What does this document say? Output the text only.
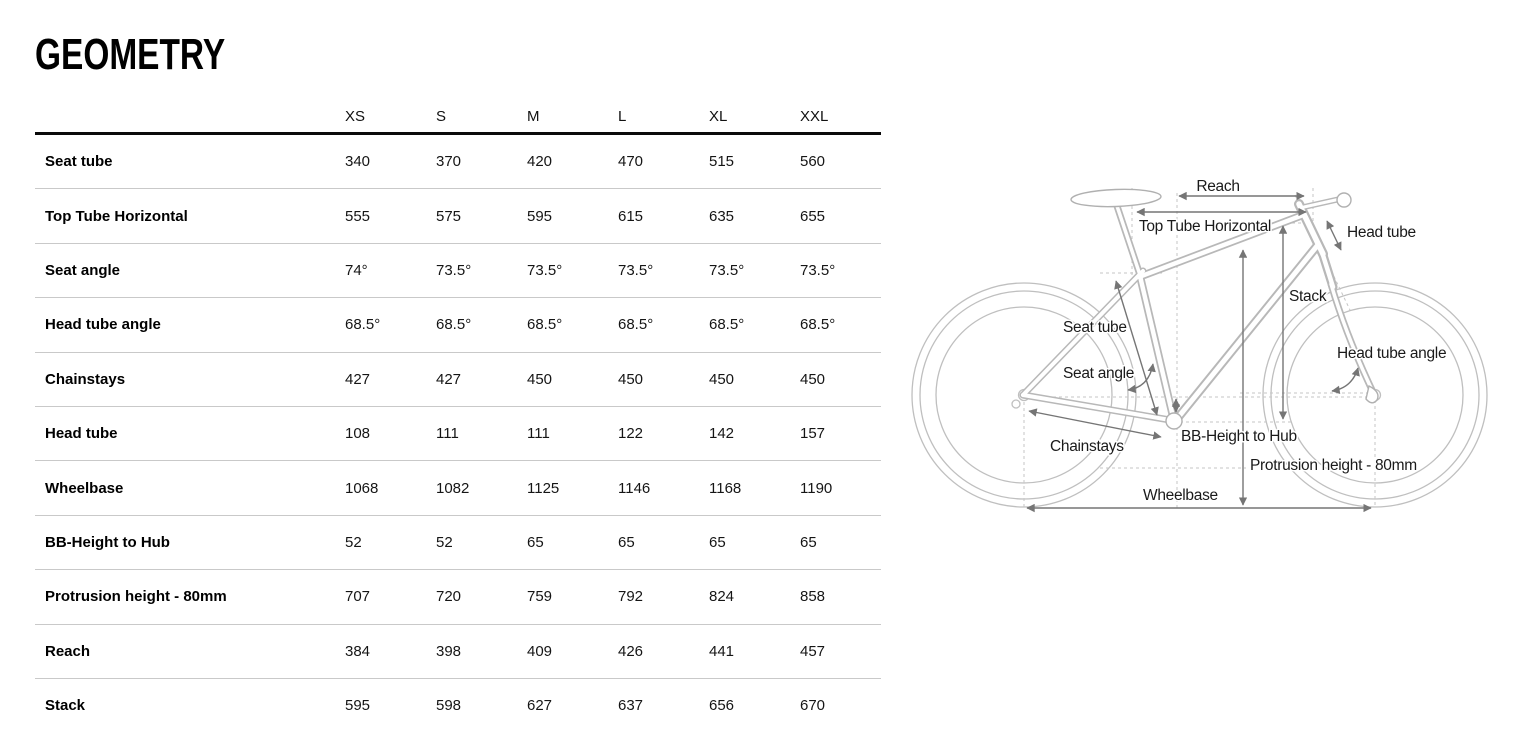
GEOMETRY
XS	S	M	L	XL	XXL
Seat tube	340	370	420	470	515	560
Top Tube Horizontal	555	575	595	615	635	655
Seat angle	74°	73.5°	73.5°	73.5°	73.5°	73.5°
Head tube angle	68.5°	68.5°	68.5°	68.5°	68.5°	68.5°
Chainstays	427	427	450	450	450	450
Head tube	108	111	111	122	142	157
Wheelbase	1068	1082	1125	1146	1168	1190
BB-Height to Hub	52	52	65	65	65	65
Protrusion height - 80mm	707	720	759	792	824	858
Reach	384	398	409	426	441	457
Stack	595	598	627	637	656	670
Reach
Top Tube Horizontal	Head tube
Stack
Seat tube
Seat angle
Head tube angle
Chainstays
BB-Height to Hub
Protrusion height - 80mm
Wheelbase
